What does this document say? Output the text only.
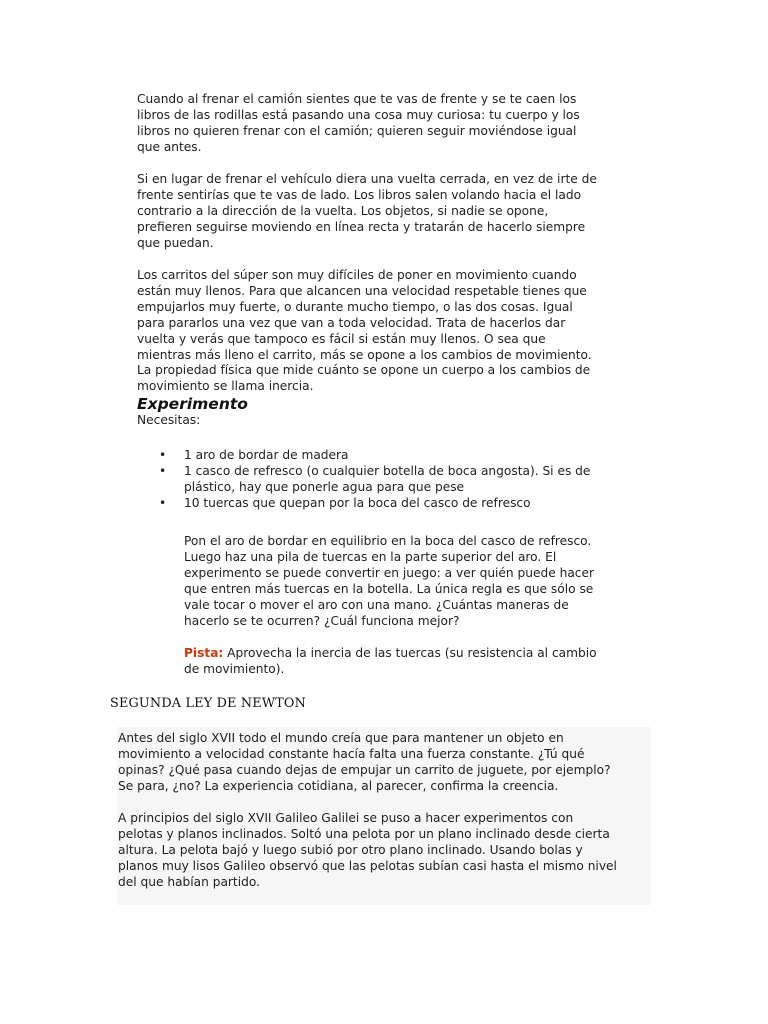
Cuando al frenar el camión sientes que te vas de frente y se te caen los
libros de las rodillas está pasando una cosa muy curiosa: tu cuerpo y los
libros no quieren frenar con el camión; quieren seguir moviéndose igual
que antes.

Si en lugar de frenar el vehículo diera una vuelta cerrada, en vez de irte de
frente sentirías que te vas de lado. Los libros salen volando hacia el lado
contrario a la dirección de la vuelta. Los objetos, si nadie se opone,
prefieren seguirse moviendo en línea recta y tratarán de hacerlo siempre
que puedan.

Los carritos del súper son muy difíciles de poner en movimiento cuando
están muy llenos. Para que alcancen una velocidad respetable tienes que
empujarlos muy fuerte, o durante mucho tiempo, o las dos cosas. Igual
para pararlos una vez que van a toda velocidad. Trata de hacerlos dar
vuelta y verás que tampoco es fácil si están muy llenos. O sea que
mientras más lleno el carrito, más se opone a los cambios de movimiento.
La propiedad física que mide cuánto se opone un cuerpo a los cambios de
movimiento se llama inercia.

Experimento
Necesitas:
• 1 aro de bordar de madera
• 1 casco de refresco (o cualquier botella de boca angosta). Si es de
plástico, hay que ponerle agua para que pese
• 10 tuercas que quepan por la boca del casco de refresco

Pon el aro de bordar en equilibrio en la boca del casco de refresco.
Luego haz una pila de tuercas en la parte superior del aro. El
experimento se puede convertir en juego: a ver quién puede hacer
que entren más tuercas en la botella. La única regla es que sólo se
vale tocar o mover el aro con una mano. ¿Cuántas maneras de
hacerlo se te ocurren? ¿Cuál funciona mejor?

Pista: Aprovecha la inercia de las tuercas (su resistencia al cambio
de movimiento).

SEGUNDA LEY DE NEWTON

Antes del siglo XVII todo el mundo creía que para mantener un objeto en
movimiento a velocidad constante hacía falta una fuerza constante. ¿Tú qué
opinas? ¿Qué pasa cuando dejas de empujar un carrito de juguete, por ejemplo?
Se para, ¿no? La experiencia cotidiana, al parecer, confirma la creencia.

A principios del siglo XVII Galileo Galilei se puso a hacer experimentos con
pelotas y planos inclinados. Soltó una pelota por un plano inclinado desde cierta
altura. La pelota bajó y luego subió por otro plano inclinado. Usando bolas y
planos muy lisos Galileo observó que las pelotas subían casi hasta el mismo nivel
del que habían partido.
